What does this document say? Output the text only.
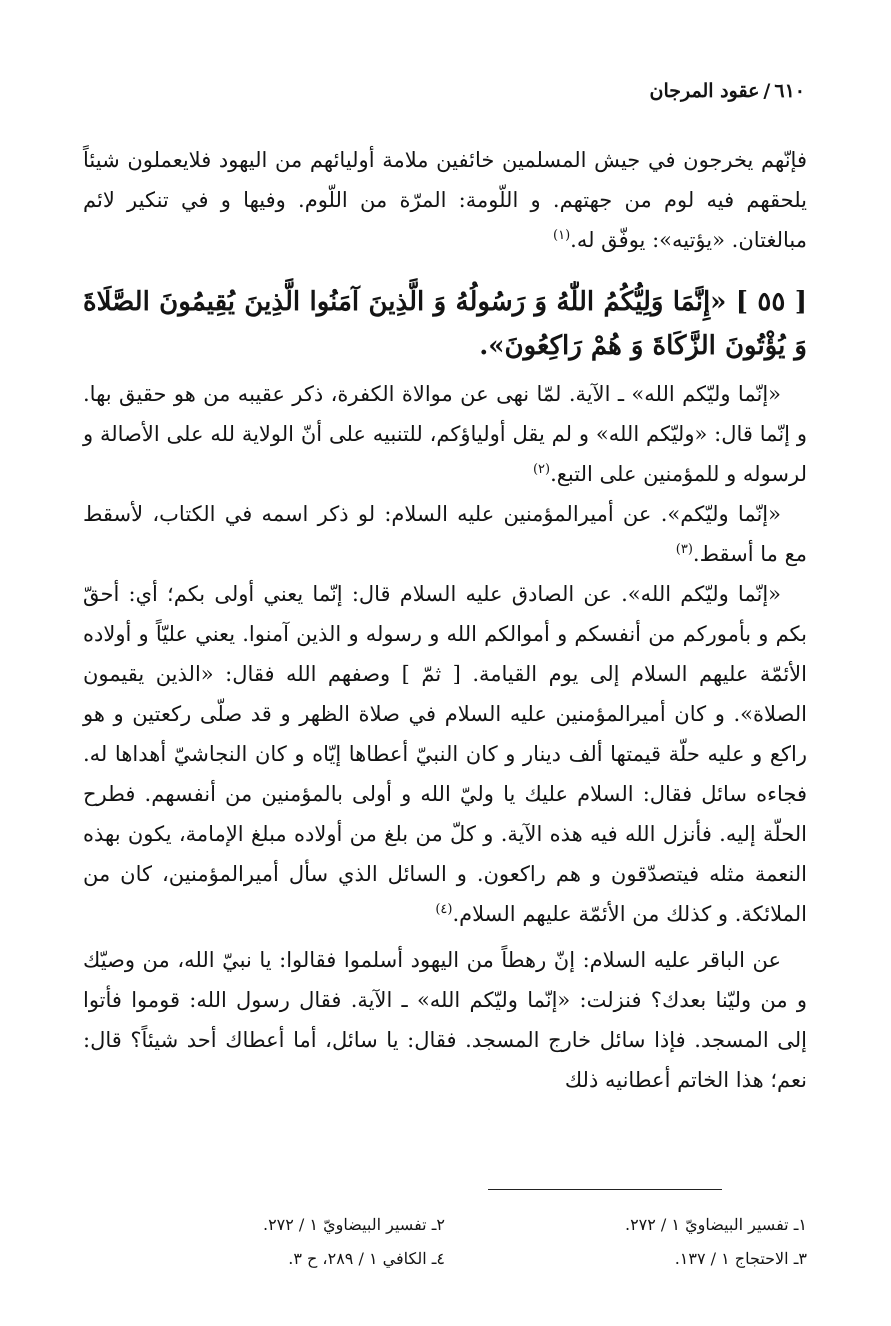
٦١٠/عقود المرجان

فإنّهم يخرجون في جيش المسلمين خائفين ملامة أوليائهم من اليهود فلايعملون شيئاً يلحقهم فيه لوم من جهتهم. و اللّومة: المرّة من اللّوم. وفيها و في تنكير لائم مبالغتان. «يؤتيه»: يوفّق له.$^{(١)}$

[ ٥٥ ] «إِنَّمَا وَلِيُّكُمُ اللّٰهُ وَ رَسُولُهُ وَ الَّذِينَ آمَنُوا الَّذِينَ يُقِيمُونَ الصَّلَاةَ وَ يُؤْتُونَ الزَّكَاةَ وَ هُمْ رَاكِعُونَ».

«إنّما وليّكم الله» ـ الآية. لمّا نهى عن موالاة الكفرة، ذكر عقيبه من هو حقيق بها. و إنّما قال: «وليّكم الله» و لم يقل أولياؤكم، للتنبيه على أنّ الولاية لله على الأصالة و لرسوله و للمؤمنين على التبع.$^{(٢)}$

«إنّما وليّكم». عن أميرالمؤمنين عليه السلام: لو ذكر اسمه في الكتاب، لأسقط مع ما أسقط.$^{(٣)}$

«إنّما وليّكم الله». عن الصادق عليه السلام قال: إنّما يعني أولى بكم؛ أي: أحقّ بكم و بأموركم من أنفسكم و أموالكم الله و رسوله و الذين آمنوا. يعني عليّاً و أولاده الأئمّة عليهم السلام إلى يوم القيامة. [ ثمّ ] وصفهم الله فقال: «الذين يقيمون الصلاة». و كان أميرالمؤمنين عليه السلام في صلاة الظهر و قد صلّى ركعتين و هو راكع و عليه حلّة قيمتها ألف دينار و كان النبيّ أعطاها إيّاه و كان النجاشيّ أهداها له. فجاءه سائل فقال: السلام عليك يا وليّ الله و أولى بالمؤمنين من أنفسهم. فطرح الحلّة إليه. فأنزل الله فيه هذه الآية. و كلّ من بلغ من أولاده مبلغ الإمامة، يكون بهذه النعمة مثله فيتصدّقون و هم راكعون. و السائل الذي سأل أميرالمؤمنين، كان من الملائكة. و كذلك من الأئمّة عليهم السلام.$^{(٤)}$

عن الباقر عليه السلام: إنّ رهطاً من اليهود أسلموا فقالوا: يا نبيّ الله، من وصيّك و من وليّنا بعدك؟ فنزلت: «إنّما وليّكم الله» ـ الآية. فقال رسول الله: قوموا فأتوا إلى المسجد. فإذا سائل خارج المسجد. فقال: يا سائل، أما أعطاك أحد شيئاً؟ قال: نعم؛ هذا الخاتم أعطانيه ذلك

١ـ تفسير البيضاويّ ١ / ٢٧٢.
٢ـ تفسير البيضاويّ ١ / ٢٧٢.
٣ـ الاحتجاج ١ / ١٣٧.
٤ـ الكافي ١ / ٢٨٩، ح ٣.
